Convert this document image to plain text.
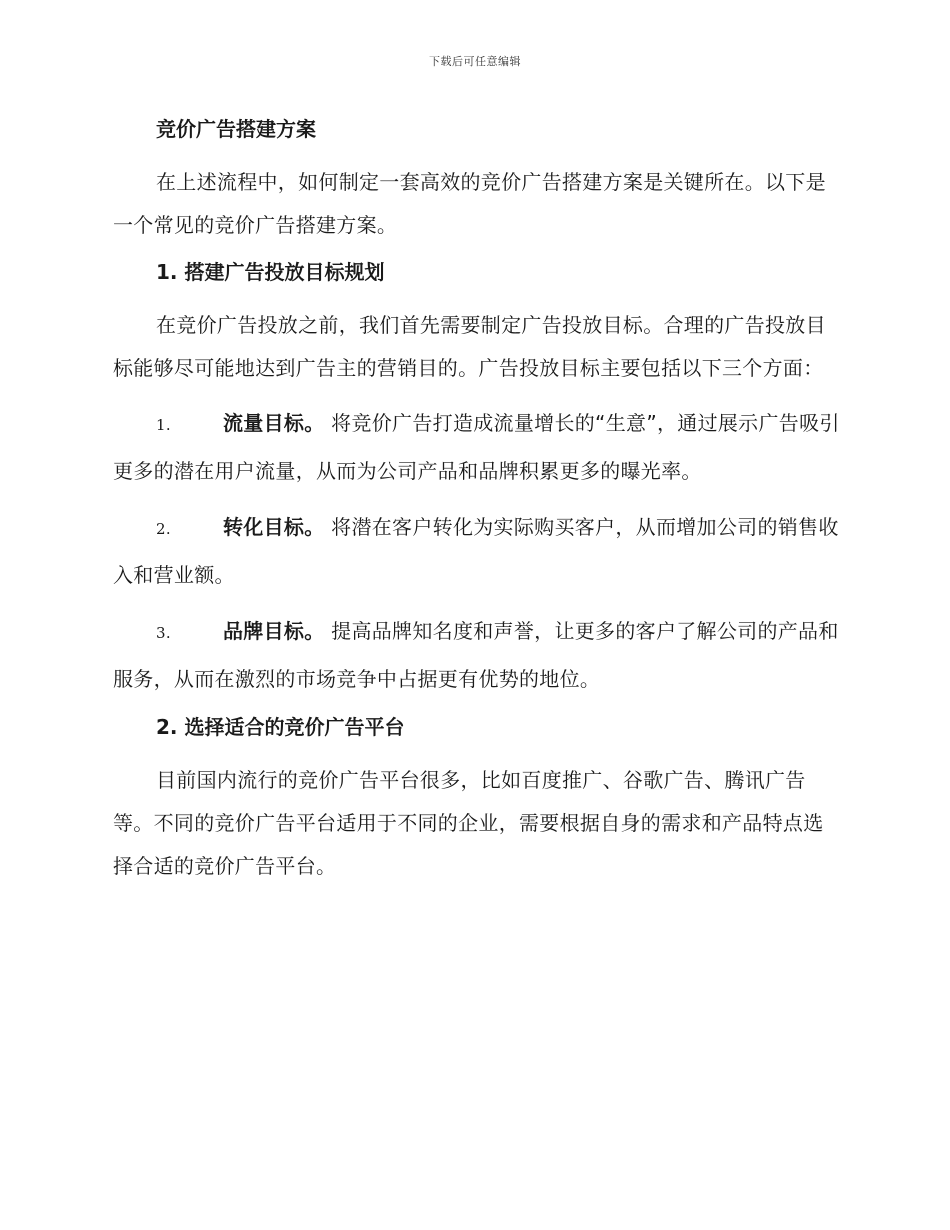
下载后可任意编辑
竞价广告搭建方案

在上述流程中，如何制定一套高效的竞价广告搭建方案是关键所在。以下是一个常见的竞价广告搭建方案。

1. 搭建广告投放目标规划

在竞价广告投放之前，我们首先需要制定广告投放目标。合理的广告投放目标能够尽可能地达到广告主的营销目的。广告投放目标主要包括以下三个方面：

1.	流量目标。 将竞价广告打造成流量增长的“生意”，通过展示广告吸引更多的潜在用户流量，从而为公司产品和品牌积累更多的曝光率。

2.	转化目标。 将潜在客户转化为实际购买客户，从而增加公司的销售收入和营业额。

3.	品牌目标。 提高品牌知名度和声誉，让更多的客户了解公司的产品和服务，从而在激烈的市场竞争中占据更有优势的地位。

2. 选择适合的竞价广告平台

目前国内流行的竞价广告平台很多，比如百度推广、谷歌广告、腾讯广告等。不同的竞价广告平台适用于不同的企业，需要根据自身的需求和产品特点选择合适的竞价广告平台。
